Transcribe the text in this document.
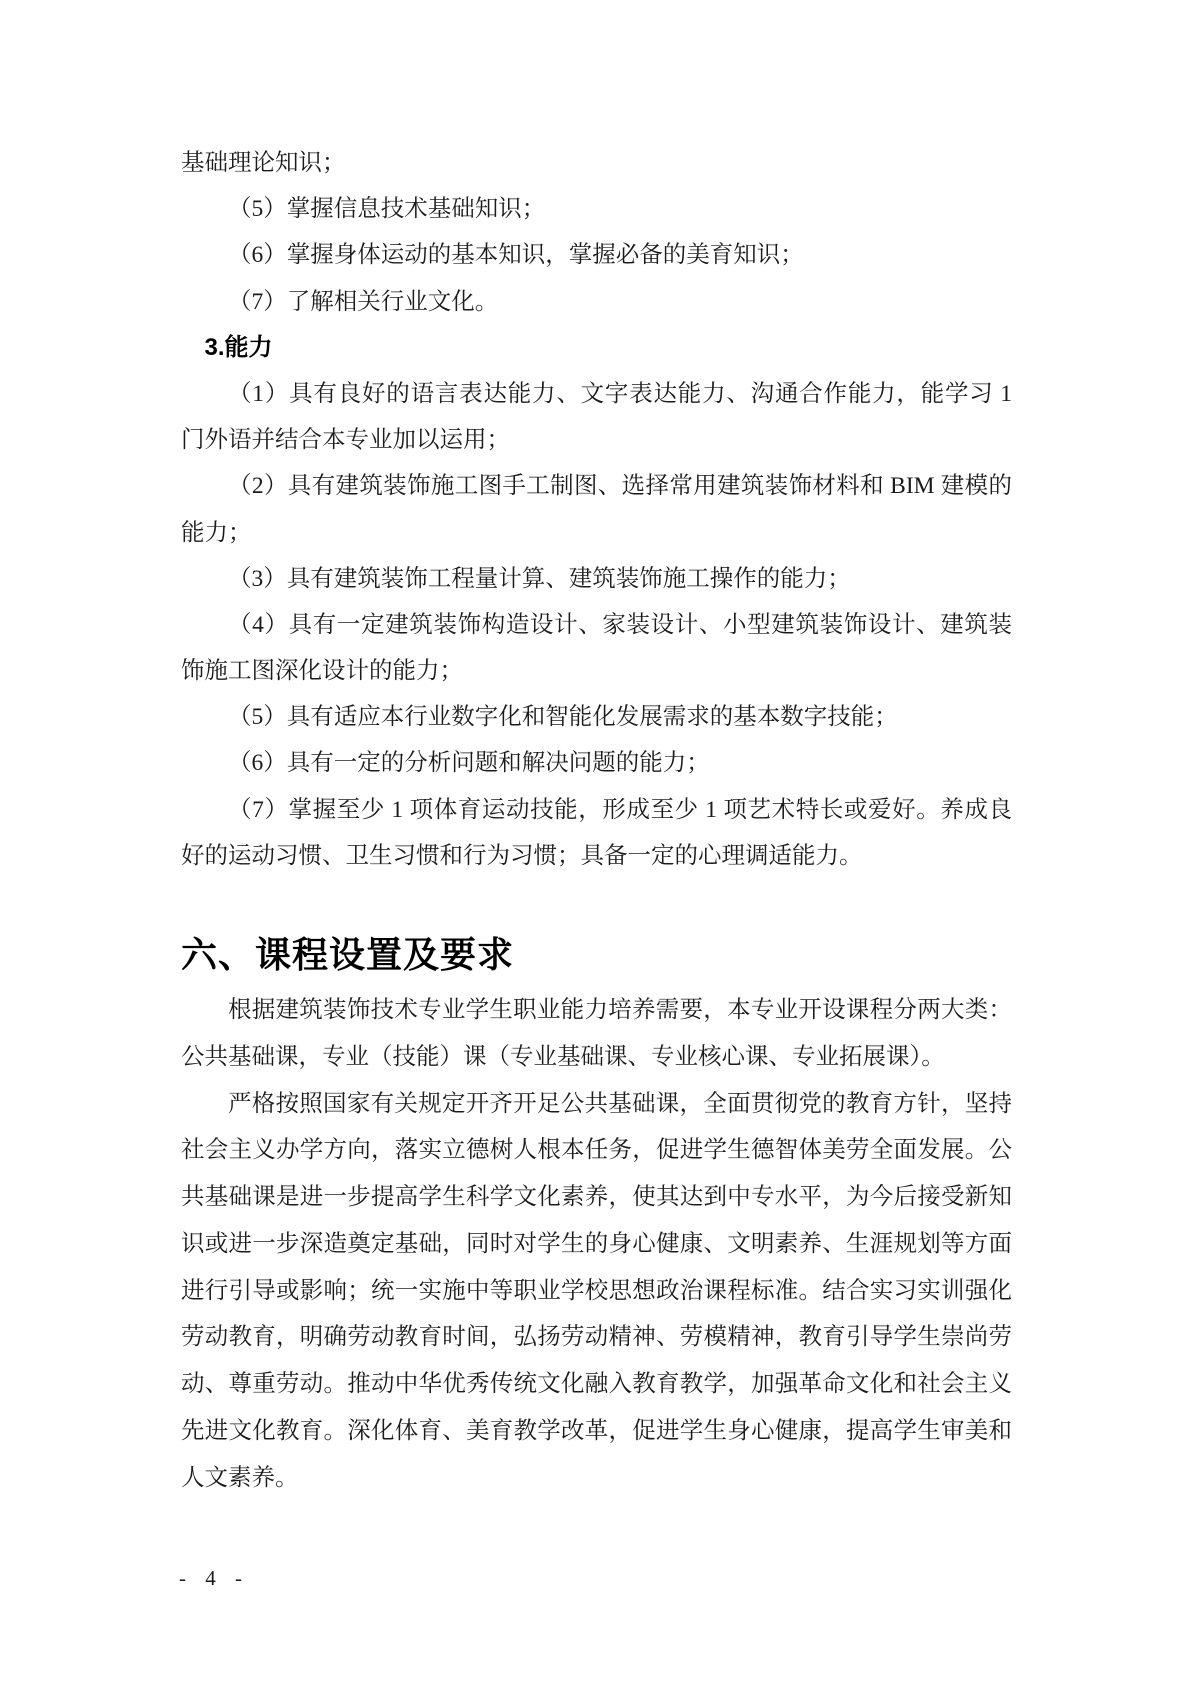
基础理论知识；
（5）掌握信息技术基础知识；
（6）掌握身体运动的基本知识，掌握必备的美育知识；
（7）了解相关行业文化。
3.能力
（1）具有良好的语言表达能力、文字表达能力、沟通合作能力，能学习 1
门外语并结合本专业加以运用；
（2）具有建筑装饰施工图手工制图、选择常用建筑装饰材料和 BIM 建模的
能力；
（3）具有建筑装饰工程量计算、建筑装饰施工操作的能力；
（4）具有一定建筑装饰构造设计、家装设计、小型建筑装饰设计、建筑装
饰施工图深化设计的能力；
（5）具有适应本行业数字化和智能化发展需求的基本数字技能；
（6）具有一定的分析问题和解决问题的能力；
（7）掌握至少 1 项体育运动技能，形成至少 1 项艺术特长或爱好。养成良
好的运动习惯、卫生习惯和行为习惯；具备一定的心理调适能力。
六、课程设置及要求
根据建筑装饰技术专业学生职业能力培养需要，本专业开设课程分两大类：
公共基础课，专业（技能）课（专业基础课、专业核心课、专业拓展课）。
严格按照国家有关规定开齐开足公共基础课，全面贯彻党的教育方针，坚持
社会主义办学方向，落实立德树人根本任务，促进学生德智体美劳全面发展。公
共基础课是进一步提高学生科学文化素养，使其达到中专水平，为今后接受新知
识或进一步深造奠定基础，同时对学生的身心健康、文明素养、生涯规划等方面
进行引导或影响；统一实施中等职业学校思想政治课程标准。结合实习实训强化
劳动教育，明确劳动教育时间，弘扬劳动精神、劳模精神，教育引导学生崇尚劳
动、尊重劳动。推动中华优秀传统文化融入教育教学，加强革命文化和社会主义
先进文化教育。深化体育、美育教学改革，促进学生身心健康，提高学生审美和
人文素养。
- 4 -
